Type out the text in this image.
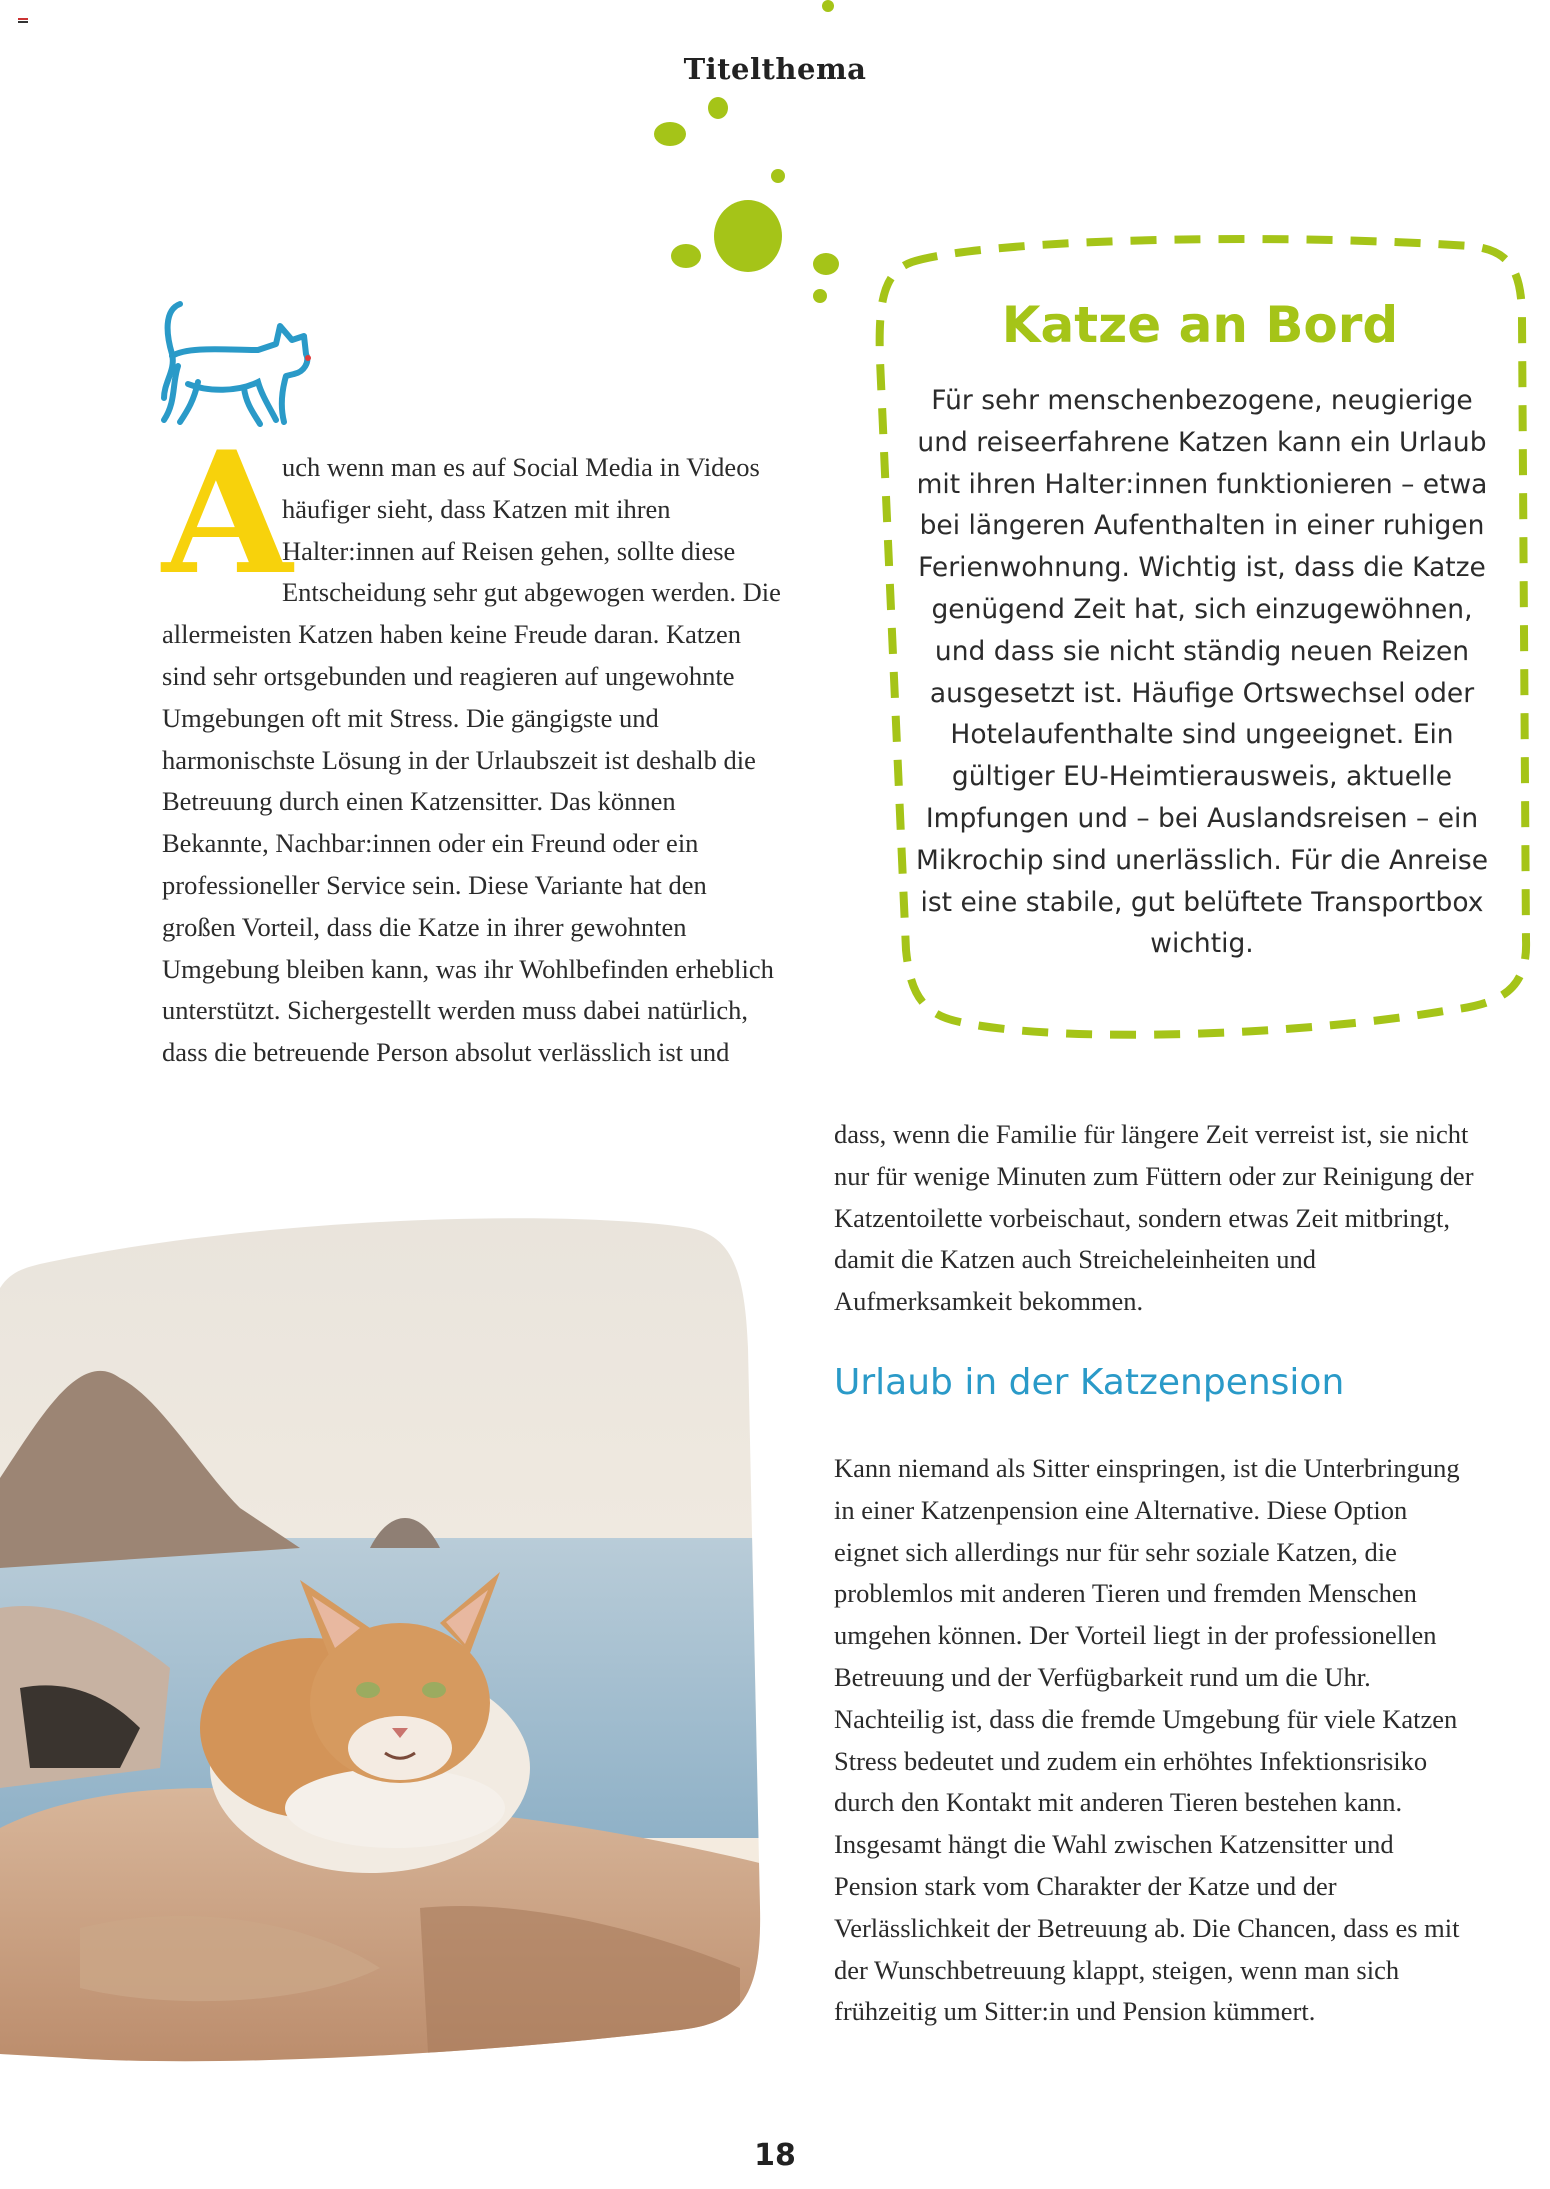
Titelthema
A

uch wenn man es auf Social Media in Videos häufiger sieht, dass Katzen mit ihren Halter:innen auf Reisen gehen, sollte diese Entscheidung sehr gut abgewogen werden. Die allermeisten Katzen haben keine Freude daran. Katzen sind sehr ortsgebunden und reagieren auf ungewohnte Umgebungen oft mit Stress. Die gängigste und harmonischste Lösung in der Urlaubszeit ist deshalb die Betreuung durch einen Katzensitter. Das können Bekannte, Nachbar:innen oder ein Freund oder ein professioneller Service sein. Diese Variante hat den großen Vorteil, dass die Katze in ihrer gewohnten Umgebung bleiben kann, was ihr Wohlbefinden erheblich unterstützt. Sichergestellt werden muss dabei natürlich, dass die betreuende Person absolut verlässlich ist und

Katze an Bord
Für sehr menschenbezogene, neugierige und reiseerfahrene Katzen kann ein Urlaub mit ihren Halter:innen funktionieren – etwa bei längeren Aufenthalten in einer ruhigen Ferienwohnung. Wichtig ist, dass die Katze genügend Zeit hat, sich einzugewöhnen, und dass sie nicht ständig neuen Reizen ausgesetzt ist. Häufige Ortswechsel oder Hotelaufenthalte sind ungeeignet. Ein gültiger EU-Heimtierausweis, aktuelle Impfungen und – bei Auslandsreisen – ein Mikrochip sind unerlässlich. Für die Anreise ist eine stabile, gut belüftete Transportbox wichtig.

dass, wenn die Familie für längere Zeit verreist ist, sie nicht nur für wenige Minuten zum Füttern oder zur Reinigung der Katzentoilette vorbeischaut, sondern etwas Zeit mitbringt, damit die Katzen auch Streicheleinheiten und Aufmerksamkeit bekommen.

Urlaub in der Katzenpension

Kann niemand als Sitter einspringen, ist die Unterbringung in einer Katzenpension eine Alternative. Diese Option eignet sich allerdings nur für sehr soziale Katzen, die problemlos mit anderen Tieren und fremden Menschen umgehen können. Der Vorteil liegt in der professionellen Betreuung und der Verfügbarkeit rund um die Uhr. Nachteilig ist, dass die fremde Umgebung für viele Katzen Stress bedeutet und zudem ein erhöhtes Infektionsrisiko durch den Kontakt mit anderen Tieren bestehen kann. Insgesamt hängt die Wahl zwischen Katzensitter und Pension stark vom Charakter der Katze und der Verlässlichkeit der Betreuung ab. Die Chancen, dass es mit der Wunschbetreuung klappt, steigen, wenn man sich frühzeitig um Sitter:in und Pension kümmert.

18
